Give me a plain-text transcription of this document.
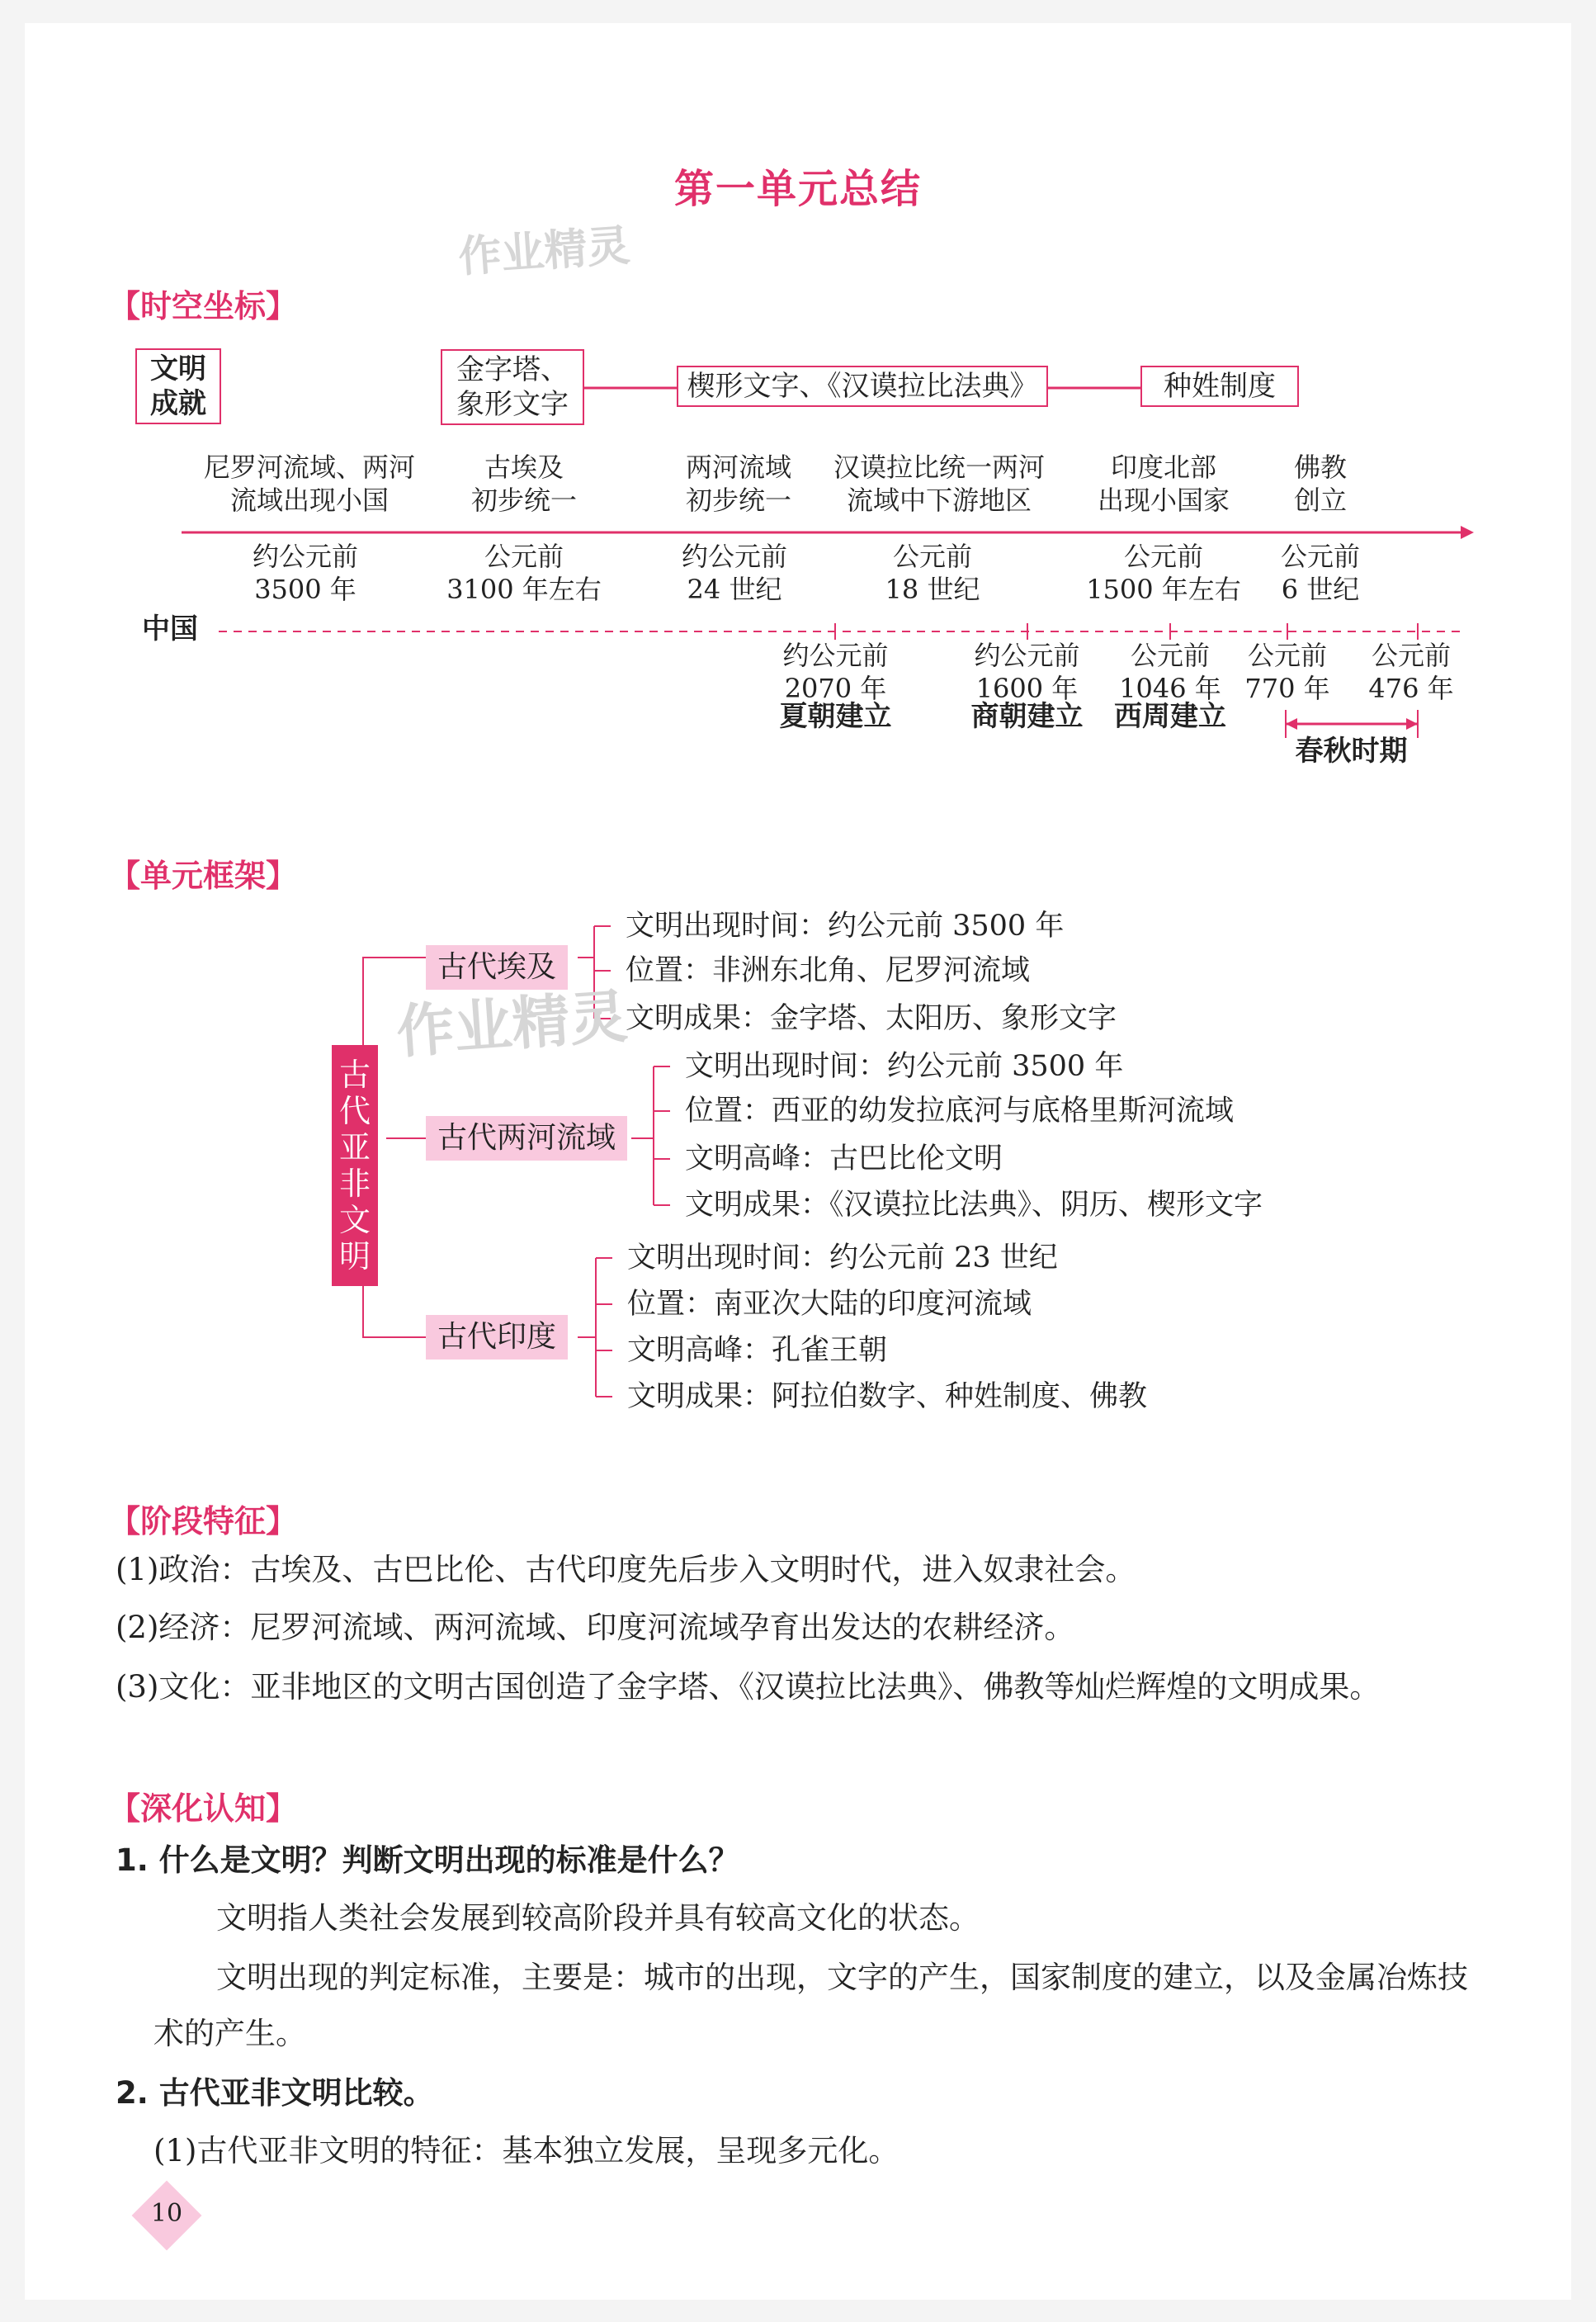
第一单元总结
作业精灵
【时空坐标】
文明
成就
金字塔、
象形文字
楔形文字、《汉谟拉比法典》	种姓制度
尼罗河流域、两河
流域出现小国
古埃及
初步统一
两河流域
初步统一
汉谟拉比统一两河
流域中下游地区
印度北部
出现小国家
佛教
创立
约公元前
3500 年
公元前
3100 年左右
约公元前
24 世纪
公元前
18 世纪
公元前
1500 年左右
公元前
6 世纪
中国
约公元前
2070 年
约公元前
1600 年
公元前
1046 年
公元前
770 年
公元前
476 年
夏朝建立	商朝建立	西周建立
春秋时期
【单元框架】
古代亚非文明
古代埃及
古代两河流域
古代印度
作业精灵
文明出现时间：约公元前 3500 年
位置：非洲东北角、尼罗河流域
文明成果：金字塔、太阳历、象形文字
文明出现时间：约公元前 3500 年
位置：西亚的幼发拉底河与底格里斯河流域
文明高峰：古巴比伦文明
文明成果：《汉谟拉比法典》、阴历、楔形文字
文明出现时间：约公元前 23 世纪
位置：南亚次大陆的印度河流域
文明高峰：孔雀王朝
文明成果：阿拉伯数字、种姓制度、佛教
【阶段特征】
(1)政治：古埃及、古巴比伦、古代印度先后步入文明时代，进入奴隶社会。
(2)经济：尼罗河流域、两河流域、印度河流域孕育出发达的农耕经济。
(3)文化：亚非地区的文明古国创造了金字塔、《汉谟拉比法典》、佛教等灿烂辉煌的文明成果。
【深化认知】
1. 什么是文明？判断文明出现的标准是什么？
文明指人类社会发展到较高阶段并具有较高文化的状态。
文明出现的判定标准，主要是：城市的出现，文字的产生，国家制度的建立，以及金属冶炼技
术的产生。
2. 古代亚非文明比较。
(1)古代亚非文明的特征：基本独立发展，呈现多元化。
10
